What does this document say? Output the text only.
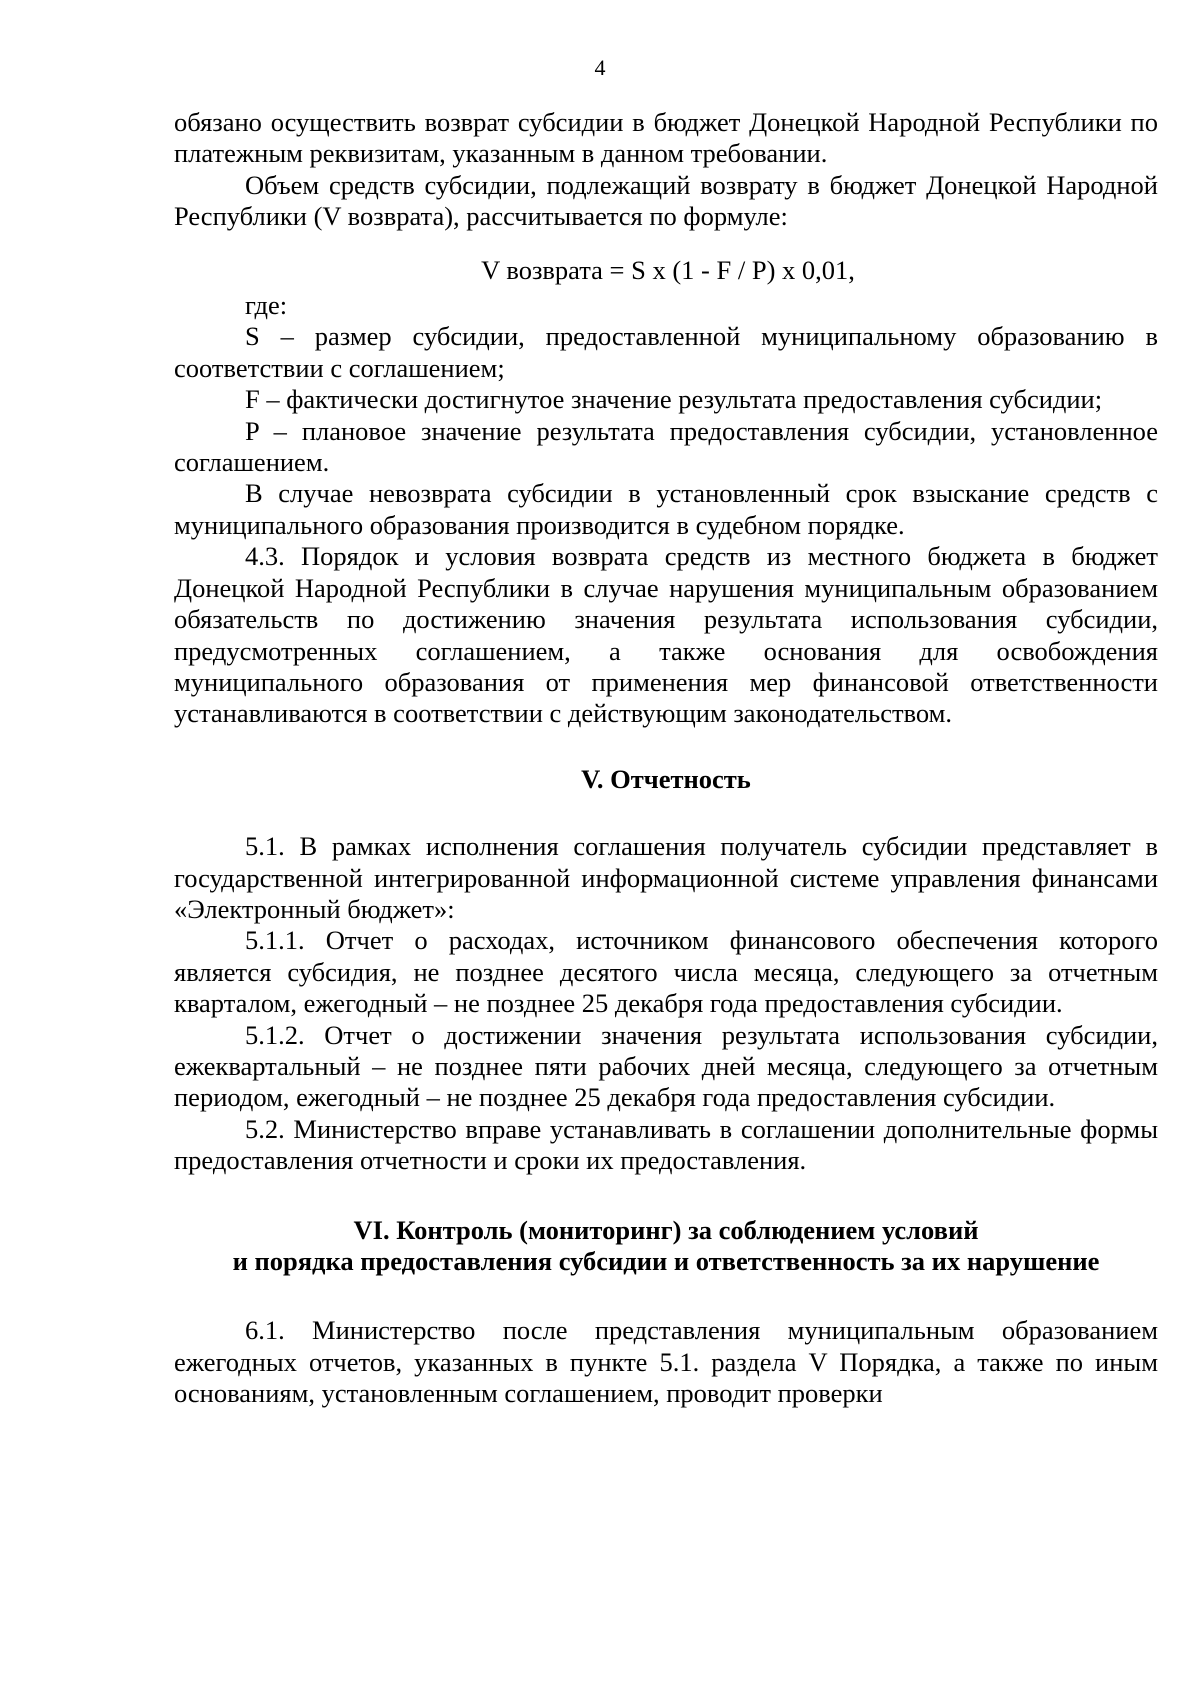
4

обязано осуществить возврат субсидии в бюджет Донецкой Народной Республики по платежным реквизитам, указанным в данном требовании.

Объем средств субсидии, подлежащий возврату в бюджет Донецкой Народной Республики (V возврата), рассчитывается по формуле:

V возврата = S x (1 - F / P) x 0,01,

где:

S – размер субсидии, предоставленной муниципальному образованию в соответствии с соглашением;

F – фактически достигнутое значение результата предоставления субсидии;

P – плановое значение результата предоставления субсидии, установленное соглашением.

В случае невозврата субсидии в установленный срок взыскание средств с муниципального образования производится в судебном порядке.

4.3. Порядок и условия возврата средств из местного бюджета в бюджет Донецкой Народной Республики в случае нарушения муниципальным образованием обязательств по достижению значения результата использования субсидии, предусмотренных соглашением, а также основания для освобождения муниципального образования от применения мер финансовой ответственности устанавливаются в соответствии с действующим законодательством.

V. Отчетность

5.1. В рамках исполнения соглашения получатель субсидии представляет в государственной интегрированной информационной системе управления финансами «Электронный бюджет»:

5.1.1. Отчет о расходах, источником финансового обеспечения которого является субсидия, не позднее десятого числа месяца, следующего за отчетным кварталом, ежегодный – не позднее 25 декабря года предоставления субсидии.

5.1.2. Отчет о достижении значения результата использования субсидии, ежеквартальный – не позднее пяти рабочих дней месяца, следующего за отчетным периодом, ежегодный – не позднее 25 декабря года предоставления субсидии.

5.2. Министерство вправе устанавливать в соглашении дополнительные формы предоставления отчетности и сроки их предоставления.

VI. Контроль (мониторинг) за соблюдением условий
и порядка предоставления субсидии и ответственность за их нарушение

6.1. Министерство после представления муниципальным образованием ежегодных отчетов, указанных в пункте 5.1. раздела V Порядка, а также по иным основаниям, установленным соглашением, проводит проверки
